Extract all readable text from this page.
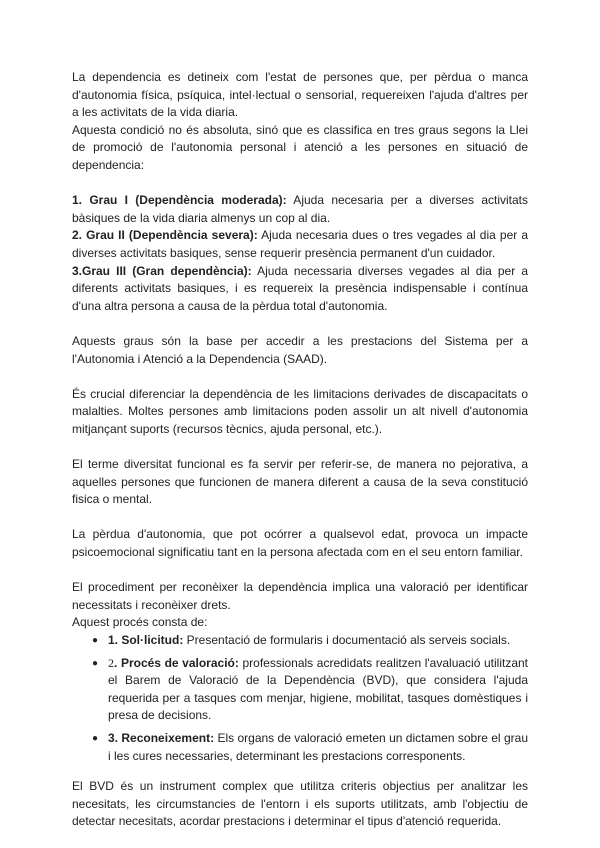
La dependencia es detineix com l'estat de persones que, per pèrdua o manca d'autonomia física, psíquica, intel·lectual o sensorial, requereixen l'ajuda d'altres per a les activitats de la vida diaria.

Aquesta condició no és absoluta, sinó que es classifica en tres graus segons la Llei de promoció de l'autonomia personal i atenció a les persones en situació de dependencia:

1. Grau I (Dependència moderada): Ajuda necesaria per a diverses activitats bàsiques de la vida diaria almenys un cop al dia.

2. Grau II (Dependència severa): Ajuda necesaria dues o tres vegades al dia per a diverses activitats basiques, sense requerir presència permanent d'un cuidador.

3.Grau III (Gran dependència): Ajuda necessaria diverses vegades al dia per a diferents activitats basiques, i es requereix la presència indispensable i contínua d'una altra persona a causa de la pèrdua total d'autonomia.

Aquests graus són la base per accedir a les prestacions del Sistema per a l'Autonomia i Atenció a la Dependencia (SAAD).

És crucial diferenciar la dependència de les limitacions derivades de discapacitats o malalties. Moltes persones amb limitacions poden assolir un alt nivell d'autonomia mitjançant suports (recursos tècnics, ajuda personal, etc.).

El terme diversitat funcional es fa servir per referir-se, de manera no pejorativa, a aquelles persones que funcionen de manera diferent a causa de la seva constitució fisica o mental.

La pèrdua d'autonomia, que pot ocórrer a qualsevol edat, provoca un impacte psicoemocional significatiu tant en la persona afectada com en el seu entorn familiar.

El procediment per reconèixer la dependència implica una valoració per identificar necessitats i reconèixer drets.

Aquest procés consta de:

● 1. Sol·licitud: Presentació de formularis i documentació als serveis socials.
● 2. Procés de valoració: professionals acredidats realitzen l'avaluació utilitzant el Barem de Valoració de la Dependència (BVD), que considera l'ajuda requerida per a tasques com menjar, higiene, mobilitat, tasques domèstiques i presa de decisions.
● 3. Reconeixement: Els organs de valoració emeten un dictamen sobre el grau i les cures necessaries, determinant les prestacions corresponents.

El BVD és un instrument complex que utilitza criteris objectius per analitzar les necesitats, les circumstancies de l'entorn i els suports utilitzats, amb l'objectiu de detectar necesitats, acordar prestacions i determinar el tipus d'atenció requerida.
